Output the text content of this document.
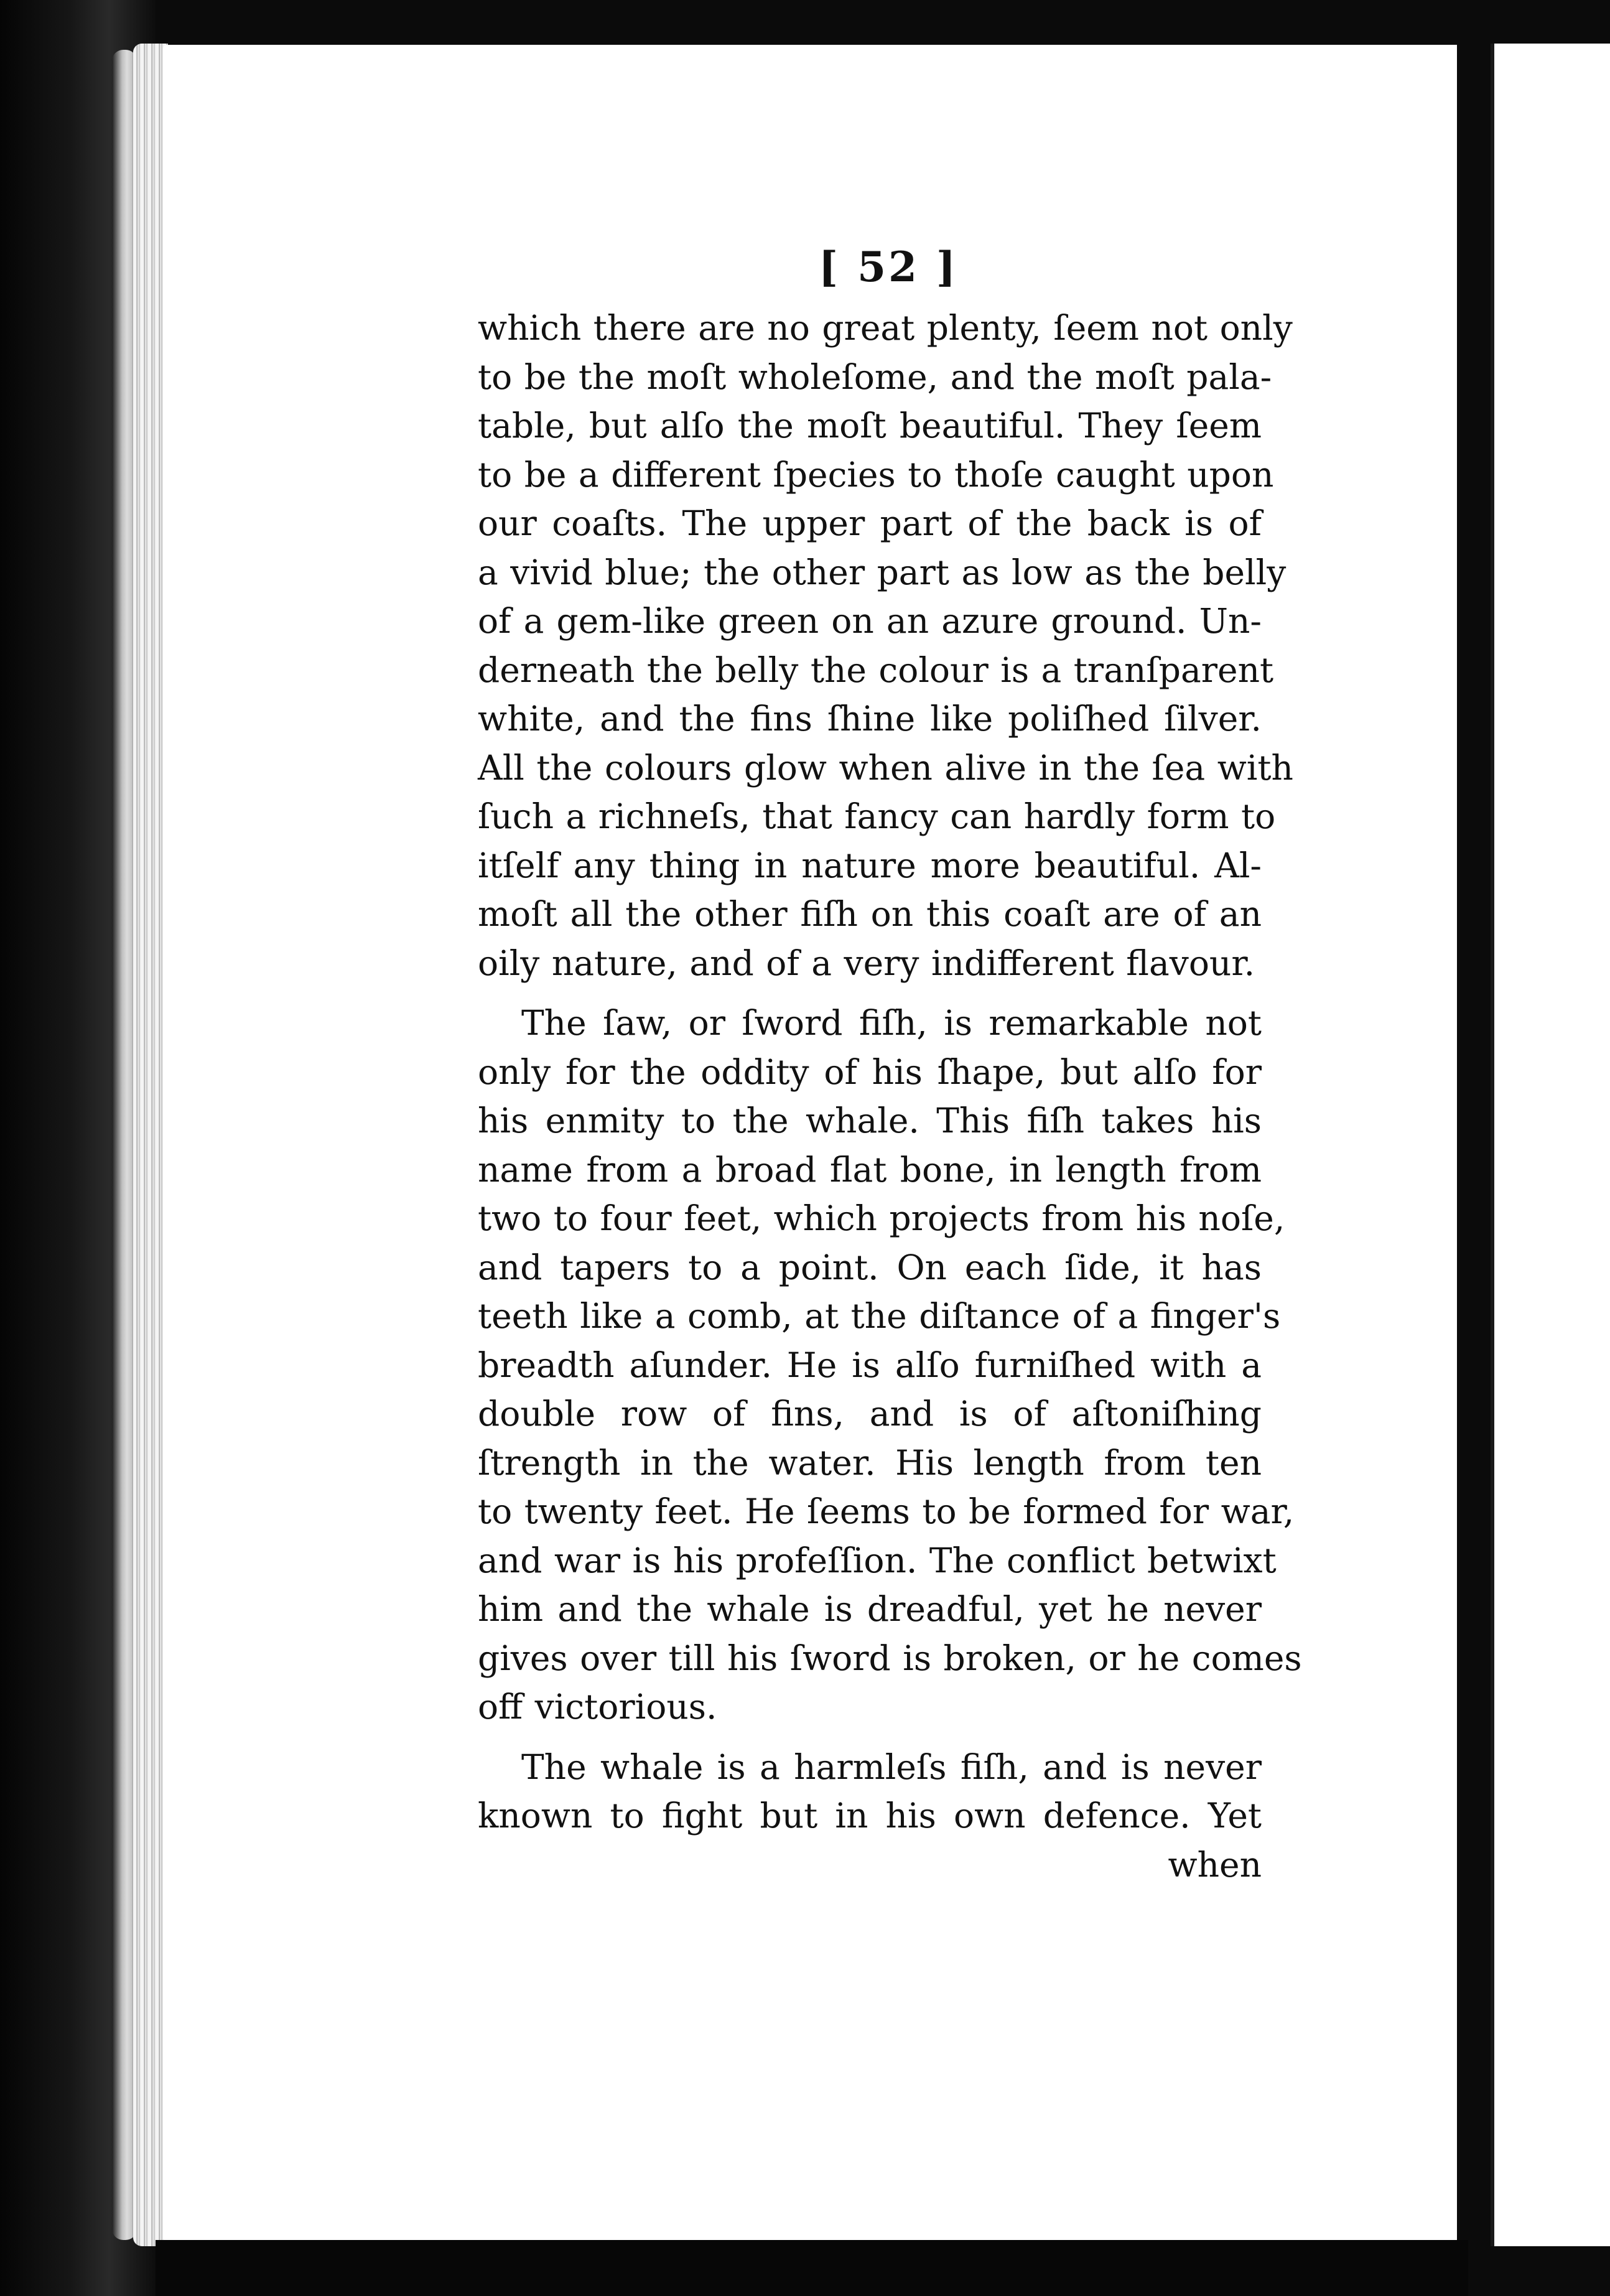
[ 52 ]
which there are no great plenty, ſeem not only
to be the moſt wholeſome, and the moſt pala-
table, but alſo the moſt beautiful. They ſeem
to be a different ſpecies to thoſe caught upon
our coaſts. The upper part of the back is of
a vivid blue; the other part as low as the belly
of a gem-like green on an azure ground. Un-
derneath the belly the colour is a tranſparent
white, and the fins ſhine like poliſhed ſilver.
All the colours glow when alive in the ſea with
ſuch a richneſs, that fancy can hardly form to
itſelf any thing in nature more beautiful. Al-
moſt all the other fiſh on this coaſt are of an
oily nature, and of a very indifferent flavour.
The ſaw, or ſword fiſh, is remarkable not
only for the oddity of his ſhape, but alſo for
his enmity to the whale. This fiſh takes his
name from a broad flat bone, in length from
two to four feet, which projects from his noſe,
and tapers to a point. On each ſide, it has
teeth like a comb, at the diſtance of a finger's
breadth aſunder. He is alſo furniſhed with a
double row of fins, and is of aſtoniſhing
ſtrength in the water. His length from ten
to twenty feet. He ſeems to be formed for war,
and war is his profeſſion. The conflict betwixt
him and the whale is dreadful, yet he never
gives over till his ſword is broken, or he comes
off victorious.
The whale is a harmleſs fiſh, and is never
known to fight but in his own defence. Yet
when
